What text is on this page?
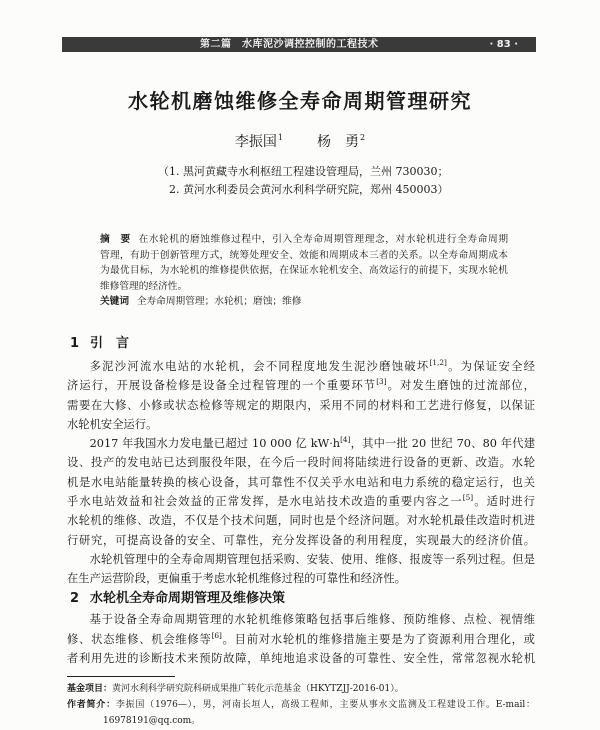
第二篇　水库泥沙调控控制的工程技术	· 83 ·
水轮机磨蚀维修全寿命周期管理研究
李振国$^1$ 杨　勇$^2$
（1. 黑河黄藏寺水利枢纽工程建设管理局，兰州 730030；
2. 黄河水利委员会黄河水利科学研究院，郑州 450003）
摘　要 在水轮机的磨蚀维修过程中，引入全寿命周期管理理念，对水轮机进行全寿命周期
管理，有助于创新管理方式，统筹处理安全、效能和周期成本三者的关系。以全寿命周期成本
为最优目标，为水轮机的维修提供依据，在保证水轮机安全、高效运行的前提下，实现水轮机
维修管理的经济性。
关键词 全寿命周期管理；水轮机；磨蚀；维修
1 引　言
多泥沙河流水电站的水轮机，会不同程度地发生泥沙磨蚀破坏[1,2]。为保证安全经
济运行，开展设备检修是设备全过程管理的一个重要环节[3]。对发生磨蚀的过流部位，
需要在大修、小修或状态检修等规定的期限内，采用不同的材料和工艺进行修复，以保证
水轮机安全运行。
2017 年我国水力发电量已超过 10 000 亿 kW·h[4]，其中一批 20 世纪 70、80 年代建
设、投产的发电站已达到服役年限，在今后一段时间将陆续进行设备的更新、改造。水轮
机是水电站能量转换的核心设备，其可靠性不仅关乎水电站和电力系统的稳定运行，也关
乎水电站效益和社会效益的正常发挥，是水电站技术改造的重要内容之一[5]。适时进行
水轮机的维修、改造，不仅是个技术问题，同时也是个经济问题。对水轮机最佳改造时机进
行研究，可提高设备的安全、可靠性，充分发挥设备的利用程度，实现最大的经济价值。
水轮机管理中的全寿命周期管理包括采购、安装、使用、维修、报废等一系列过程。但是
在生产运营阶段，更偏重于考虑水轮机维修过程的可靠性和经济性。
2 水轮机全寿命周期管理及维修决策
基于设备全寿命周期管理的水轮机维修策略包括事后维修、预防维修、点检、视情维
修、状态维修、机会维修等[6]。目前对水轮机的维修措施主要是为了资源利用合理化，或
者利用先进的诊断技术来预防故障，单纯地追求设备的可靠性、安全性，常常忽视水轮机
基金项目：黄河水利科学研究院科研成果推广转化示范基金（HKYTZJJ-2016-01）。
作者简介：李振国（1976—），男，河南长垣人，高级工程师，主要从事水文监测及工程建设工作。E-mail：
16978191@qq.com。
